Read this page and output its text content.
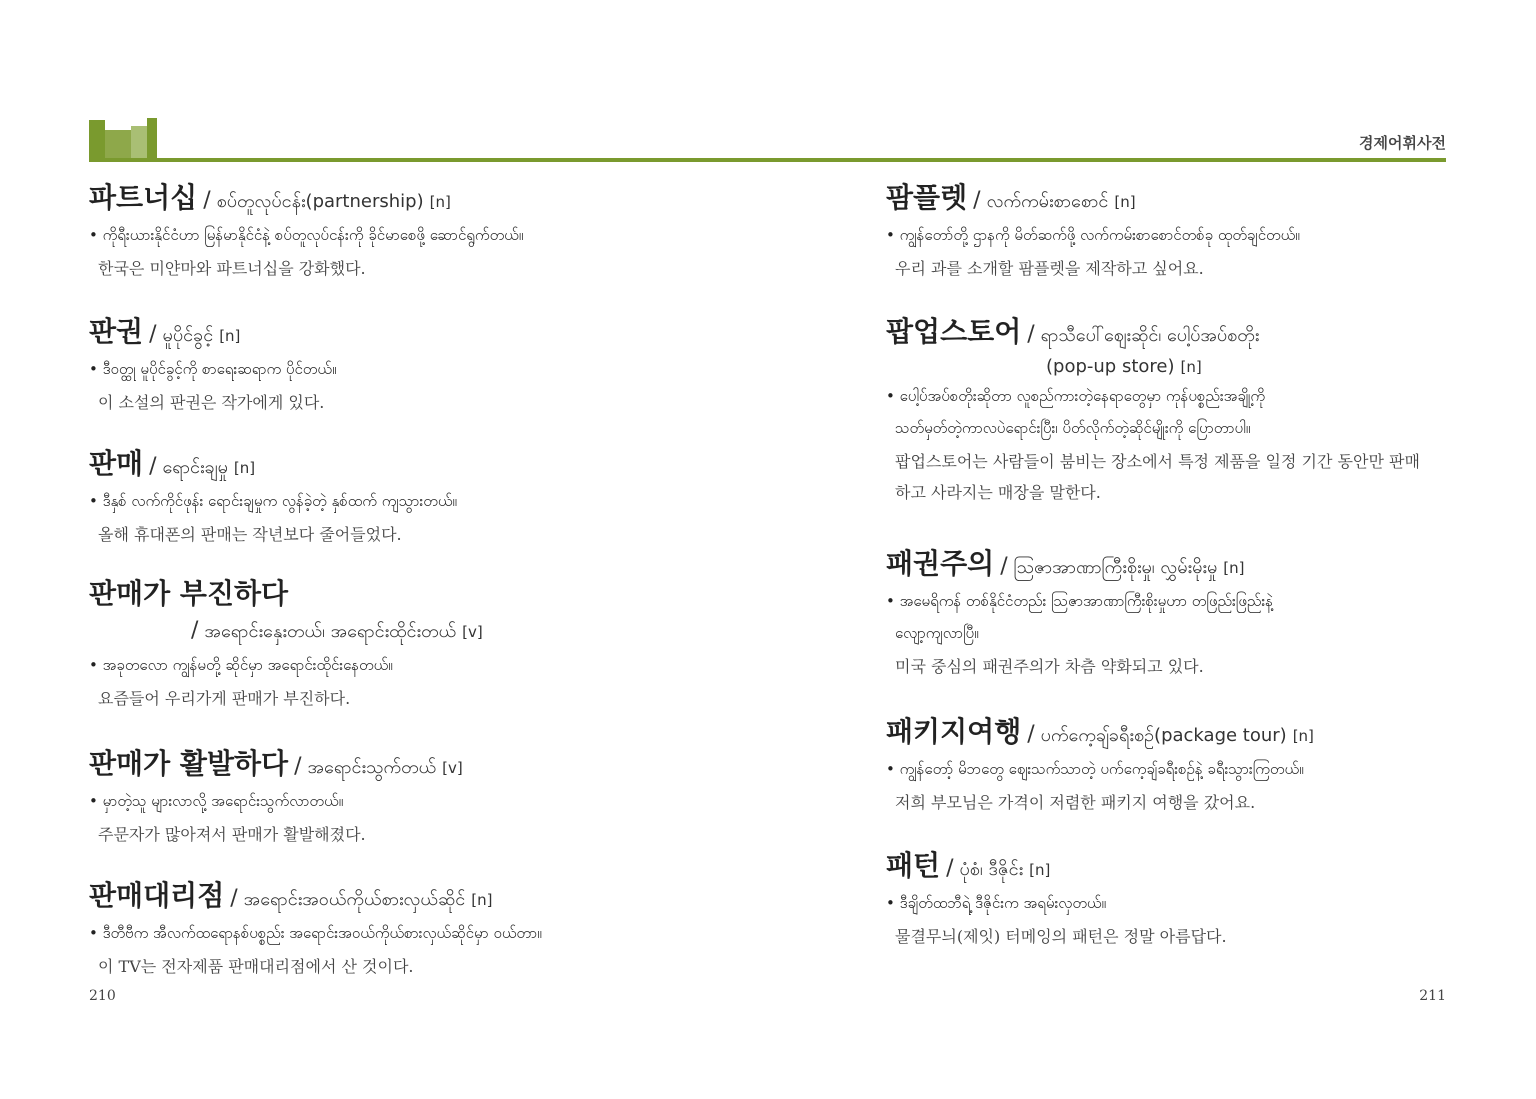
경제어휘사전
파트너십 / စပ်တူလုပ်ငန်း(partnership) [n]
• ကိုရီးယားနိုင်ငံဟာ မြန်မာနိုင်ငံနဲ့ စပ်တူလုပ်ငန်းကို ခိုင်မာစေဖို့ ဆောင်ရွက်တယ်။
한국은 미얀마와 파트너십을 강화했다.
판권 / မူပိုင်ခွင့် [n]
• ဒီဝတ္ထု မူပိုင်ခွင့်ကို စာရေးဆရာက ပိုင်တယ်။
이 소설의 판권은 작가에게 있다.
판매 / ရောင်းချမှု [n]
• ဒီနှစ် လက်ကိုင်ဖုန်း ရောင်းချမှုက လွန်ခဲ့တဲ့ နှစ်ထက် ကျသွားတယ်။
올해 휴대폰의 판매는 작년보다 줄어들었다.
판매가 부진하다
/ အရောင်းနှေးတယ်၊ အရောင်းထိုင်းတယ် [v]
• အခုတလော ကျွန်မတို့ ဆိုင်မှာ အရောင်းထိုင်းနေတယ်။
요즘들어 우리가게 판매가 부진하다.
판매가 활발하다 / အရောင်းသွက်တယ် [v]
• မှာတဲ့သူ များလာလို့ အရောင်းသွက်လာတယ်။
주문자가 많아져서 판매가 활발해졌다.
판매대리점 / အရောင်းအဝယ်ကိုယ်စားလှယ်ဆိုင် [n]
• ဒီတီဗီက အီလက်ထရောနစ်ပစ္စည်း အရောင်းအဝယ်ကိုယ်စားလှယ်ဆိုင်မှာ ဝယ်တာ။
이 TV는 전자제품 판매대리점에서 산 것이다.
팜플렛 / လက်ကမ်းစာစောင် [n]
• ကျွန်တော်တို့ ဌာနကို မိတ်ဆက်ဖို့ လက်ကမ်းစာစောင်တစ်ခု ထုတ်ချင်တယ်။
우리 과를 소개할 팜플렛을 제작하고 싶어요.
팝업스토어 / ရာသီပေါ်ဈေးဆိုင်၊ ပေါ့ပ်အပ်စတိုး
(pop-up store) [n]
• ပေါ့ပ်အပ်စတိုးဆိုတာ လူစည်ကားတဲ့နေရာတွေမှာ ကုန်ပစ္စည်းအချို့ကို
သတ်မှတ်တဲ့ကာလပဲရောင်းပြီး၊ ပိတ်လိုက်တဲ့ဆိုင်မျိုးကို ပြောတာပါ။
팝업스토어는 사람들이 붐비는 장소에서 특정 제품을 일정 기간 동안만 판매
하고 사라지는 매장을 말한다.
패권주의 / သြဇာအာဏာကြီးစိုးမှု၊ လွှမ်းမိုးမှု [n]
• အမေရိကန် တစ်နိုင်ငံတည်း သြဇာအာဏာကြီးစိုးမှုဟာ တဖြည်းဖြည်းနဲ့
လျော့ကျလာပြီ။
미국 중심의 패권주의가 차츰 약화되고 있다.
패키지여행 / ပက်ကေ့ချ်ခရီးစဉ်(package tour) [n]
• ကျွန်တော့် မိဘတွေ ဈေးသက်သာတဲ့ ပက်ကေ့ချ်ခရီးစဉ်နဲ့ ခရီးသွားကြတယ်။
저희 부모님은 가격이 저렴한 패키지 여행을 갔어요.
패턴 / ပုံစံ၊ ဒီဇိုင်း [n]
• ဒီချိတ်ထဘီရဲ့ ဒီဇိုင်းက အရမ်းလှတယ်။
물결무늬(제잇) 터메잉의 패턴은 정말 아름답다.
210	211
